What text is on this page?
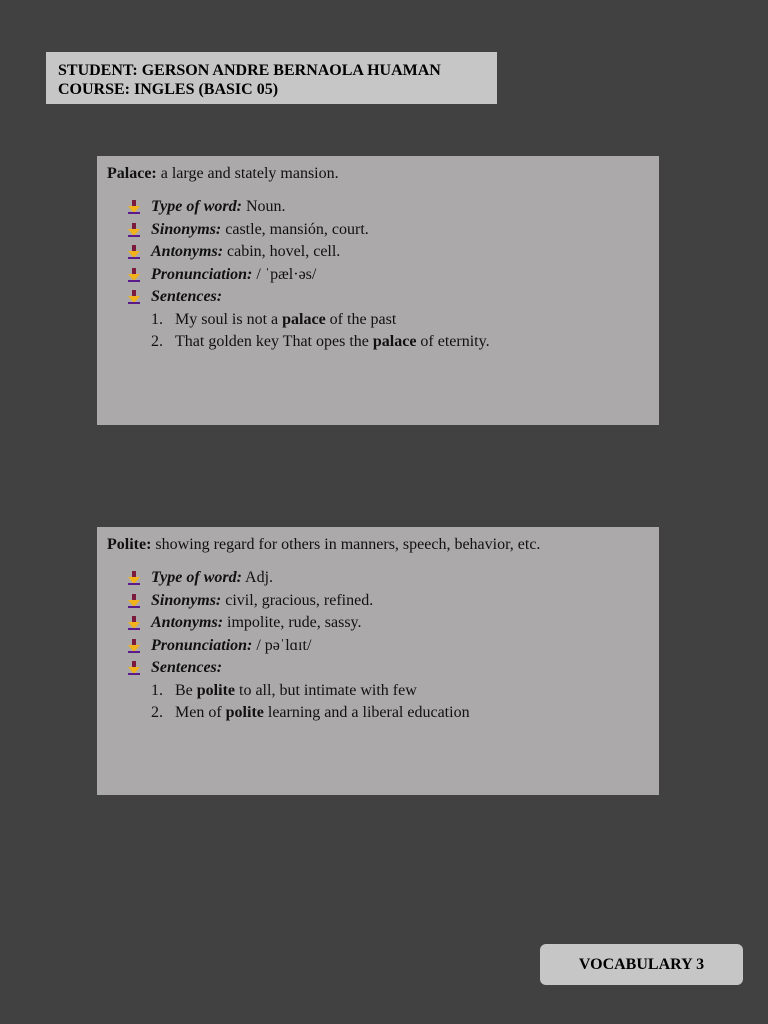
STUDENT: GERSON ANDRE BERNAOLA HUAMAN
COURSE: INGLES (BASIC 05)
Palace: a large and stately mansion.
Type of word: Noun.
Sinonyms: castle, mansión, court.
Antonyms: cabin, hovel, cell.
Pronunciation: / ˈpæl·əs/
Sentences:
1. My soul is not a palace of the past
2. That golden key That opes the palace of eternity.
Polite: showing regard for others in manners, speech, behavior, etc.
Type of word: Adj.
Sinonyms: civil, gracious, refined.
Antonyms: impolite, rude, sassy.
Pronunciation: / pəˈlɑɪt/
Sentences:
1. Be polite to all, but intimate with few
2. Men of polite learning and a liberal education
VOCABULARY 3
